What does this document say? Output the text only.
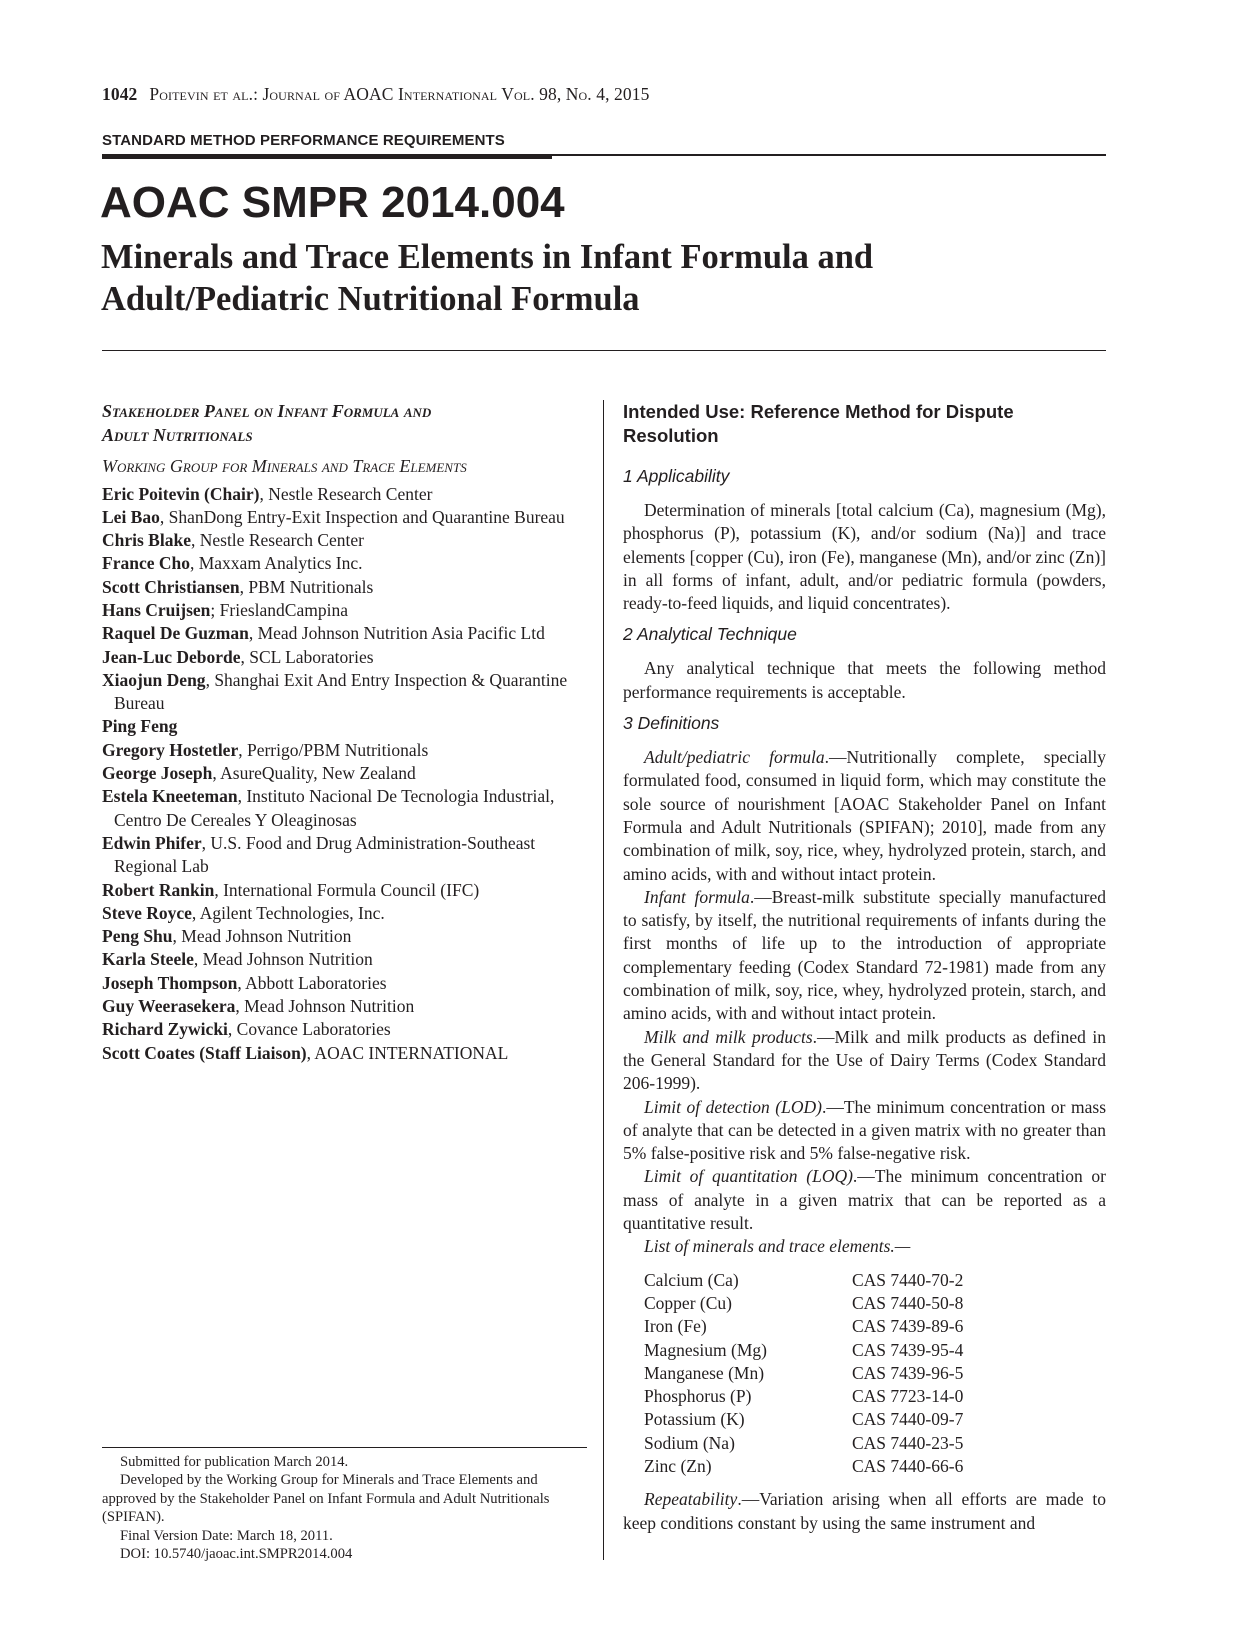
1042 Poitevin et al.: Journal of AOAC International Vol. 98, No. 4, 2015
STANDARD METHOD PERFORMANCE REQUIREMENTS
AOAC SMPR 2014.004
Minerals and Trace Elements in Infant Formula and
Adult/Pediatric Nutritional Formula
Stakeholder Panel on Infant Formula and
Adult Nutritionals
Working Group for Minerals and Trace Elements
Eric Poitevin (Chair), Nestle Research Center
Lei Bao, ShanDong Entry-Exit Inspection and Quarantine Bureau
Chris Blake, Nestle Research Center
France Cho, Maxxam Analytics Inc.
Scott Christiansen, PBM Nutritionals
Hans Cruijsen; FrieslandCampina
Raquel De Guzman, Mead Johnson Nutrition Asia Pacific Ltd
Jean-Luc Deborde, SCL Laboratories
Xiaojun Deng, Shanghai Exit And Entry Inspection & Quarantine Bureau
Ping Feng
Gregory Hostetler, Perrigo/PBM Nutritionals
George Joseph, AsureQuality, New Zealand
Estela Kneeteman, Instituto Nacional De Tecnologia Industrial, Centro De Cereales Y Oleaginosas
Edwin Phifer, U.S. Food and Drug Administration-Southeast Regional Lab
Robert Rankin, International Formula Council (IFC)
Steve Royce, Agilent Technologies, Inc.
Peng Shu, Mead Johnson Nutrition
Karla Steele, Mead Johnson Nutrition
Joseph Thompson, Abbott Laboratories
Guy Weerasekera, Mead Johnson Nutrition
Richard Zywicki, Covance Laboratories
Scott Coates (Staff Liaison), AOAC INTERNATIONAL

Submitted for publication March 2014.

Developed by the Working Group for Minerals and Trace Elements and approved by the Stakeholder Panel on Infant Formula and Adult Nutritionals (SPIFAN).

Final Version Date: March 18, 2011.

DOI: 10.5740/jaoac.int.SMPR2014.004

Intended Use: Reference Method for Dispute Resolution
1 Applicability

Determination of minerals [total calcium (Ca), magnesium (Mg), phosphorus (P), potassium (K), and/or sodium (Na)] and trace elements [copper (Cu), iron (Fe), manganese (Mn), and/or zinc (Zn)] in all forms of infant, adult, and/or pediatric formula (powders, ready-to-feed liquids, and liquid concentrates).

2 Analytical Technique

Any analytical technique that meets the following method performance requirements is acceptable.

3 Definitions

Adult/pediatric formula.—Nutritionally complete, specially formulated food, consumed in liquid form, which may constitute the sole source of nourishment [AOAC Stakeholder Panel on Infant Formula and Adult Nutritionals (SPIFAN); 2010], made from any combination of milk, soy, rice, whey, hydrolyzed protein, starch, and amino acids, with and without intact protein.

Infant formula.—Breast-milk substitute specially manufactured to satisfy, by itself, the nutritional requirements of infants during the first months of life up to the introduction of appropriate complementary feeding (Codex Standard 72-1981) made from any combination of milk, soy, rice, whey, hydrolyzed protein, starch, and amino acids, with and without intact protein.

Milk and milk products.—Milk and milk products as defined in the General Standard for the Use of Dairy Terms (Codex Standard 206-1999).

Limit of detection (LOD).—The minimum concentration or mass of analyte that can be detected in a given matrix with no greater than 5% false-positive risk and 5% false-negative risk.

Limit of quantitation (LOQ).—The minimum concentration or mass of analyte in a given matrix that can be reported as a quantitative result.

List of minerals and trace elements.—

Calcium (Ca)	CAS 7440-70-2
Copper (Cu)	CAS 7440-50-8
Iron (Fe)	CAS 7439-89-6
Magnesium (Mg)	CAS 7439-95-4
Manganese (Mn)	CAS 7439-96-5
Phosphorus (P)	CAS 7723-14-0
Potassium (K)	CAS 7440-09-7
Sodium (Na)	CAS 7440-23-5
Zinc (Zn)	CAS 7440-66-6

Repeatability.—Variation arising when all efforts are made to keep conditions constant by using the same instrument and
